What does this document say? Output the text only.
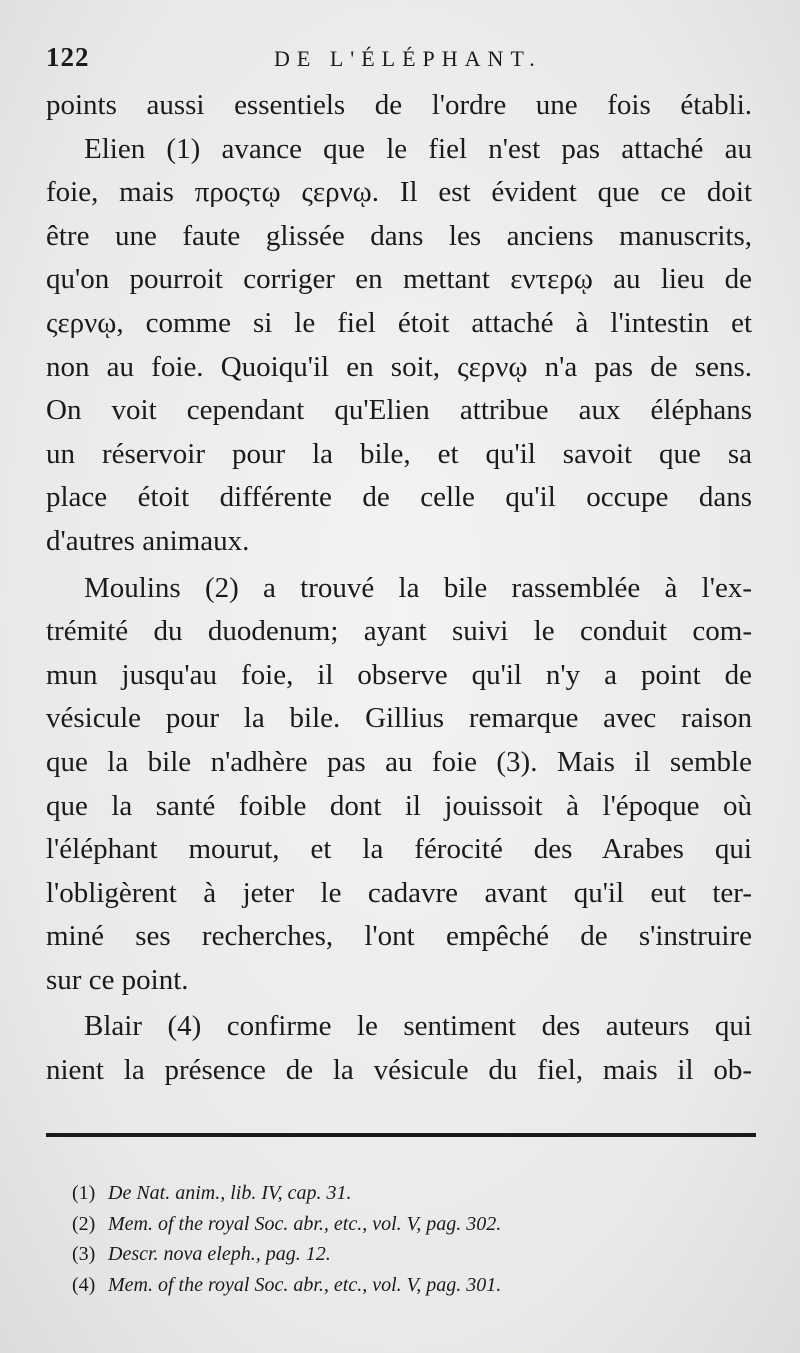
122	DE L'ÉLÉPHANT.
points aussi essentiels de l'ordre une fois établi.
Elien (1) avance que le fiel n'est pas attaché au
foie, mais προςτῳ ςερνῳ. Il est évident que ce doit
être une faute glissée dans les anciens manuscrits,
qu'on pourroit corriger en mettant εντερῳ au lieu de
ςερνῳ, comme si le fiel étoit attaché à l'intestin et
non au foie. Quoiqu'il en soit, ςερνῳ n'a pas de sens.
On voit cependant qu'Elien attribue aux éléphans
un réservoir pour la bile, et qu'il savoit que sa
place étoit différente de celle qu'il occupe dans
d'autres animaux.
Moulins (2) a trouvé la bile rassemblée à l'ex-
trémité du duodenum; ayant suivi le conduit com-
mun jusqu'au foie, il observe qu'il n'y a point de
vésicule pour la bile. Gillius remarque avec raison
que la bile n'adhère pas au foie (3). Mais il semble
que la santé foible dont il jouissoit à l'époque où
l'éléphant mourut, et la férocité des Arabes qui
l'obligèrent à jeter le cadavre avant qu'il eut ter-
miné ses recherches, l'ont empêché de s'instruire
sur ce point.
Blair (4) confirme le sentiment des auteurs qui
nient la présence de la vésicule du fiel, mais il ob-
(1) De Nat. anim., lib. IV, cap. 31.
(2) Mem. of the royal Soc. abr., etc., vol. V, pag. 302.
(3) Descr. nova eleph., pag. 12.
(4) Mem. of the royal Soc. abr., etc., vol. V, pag. 301.
